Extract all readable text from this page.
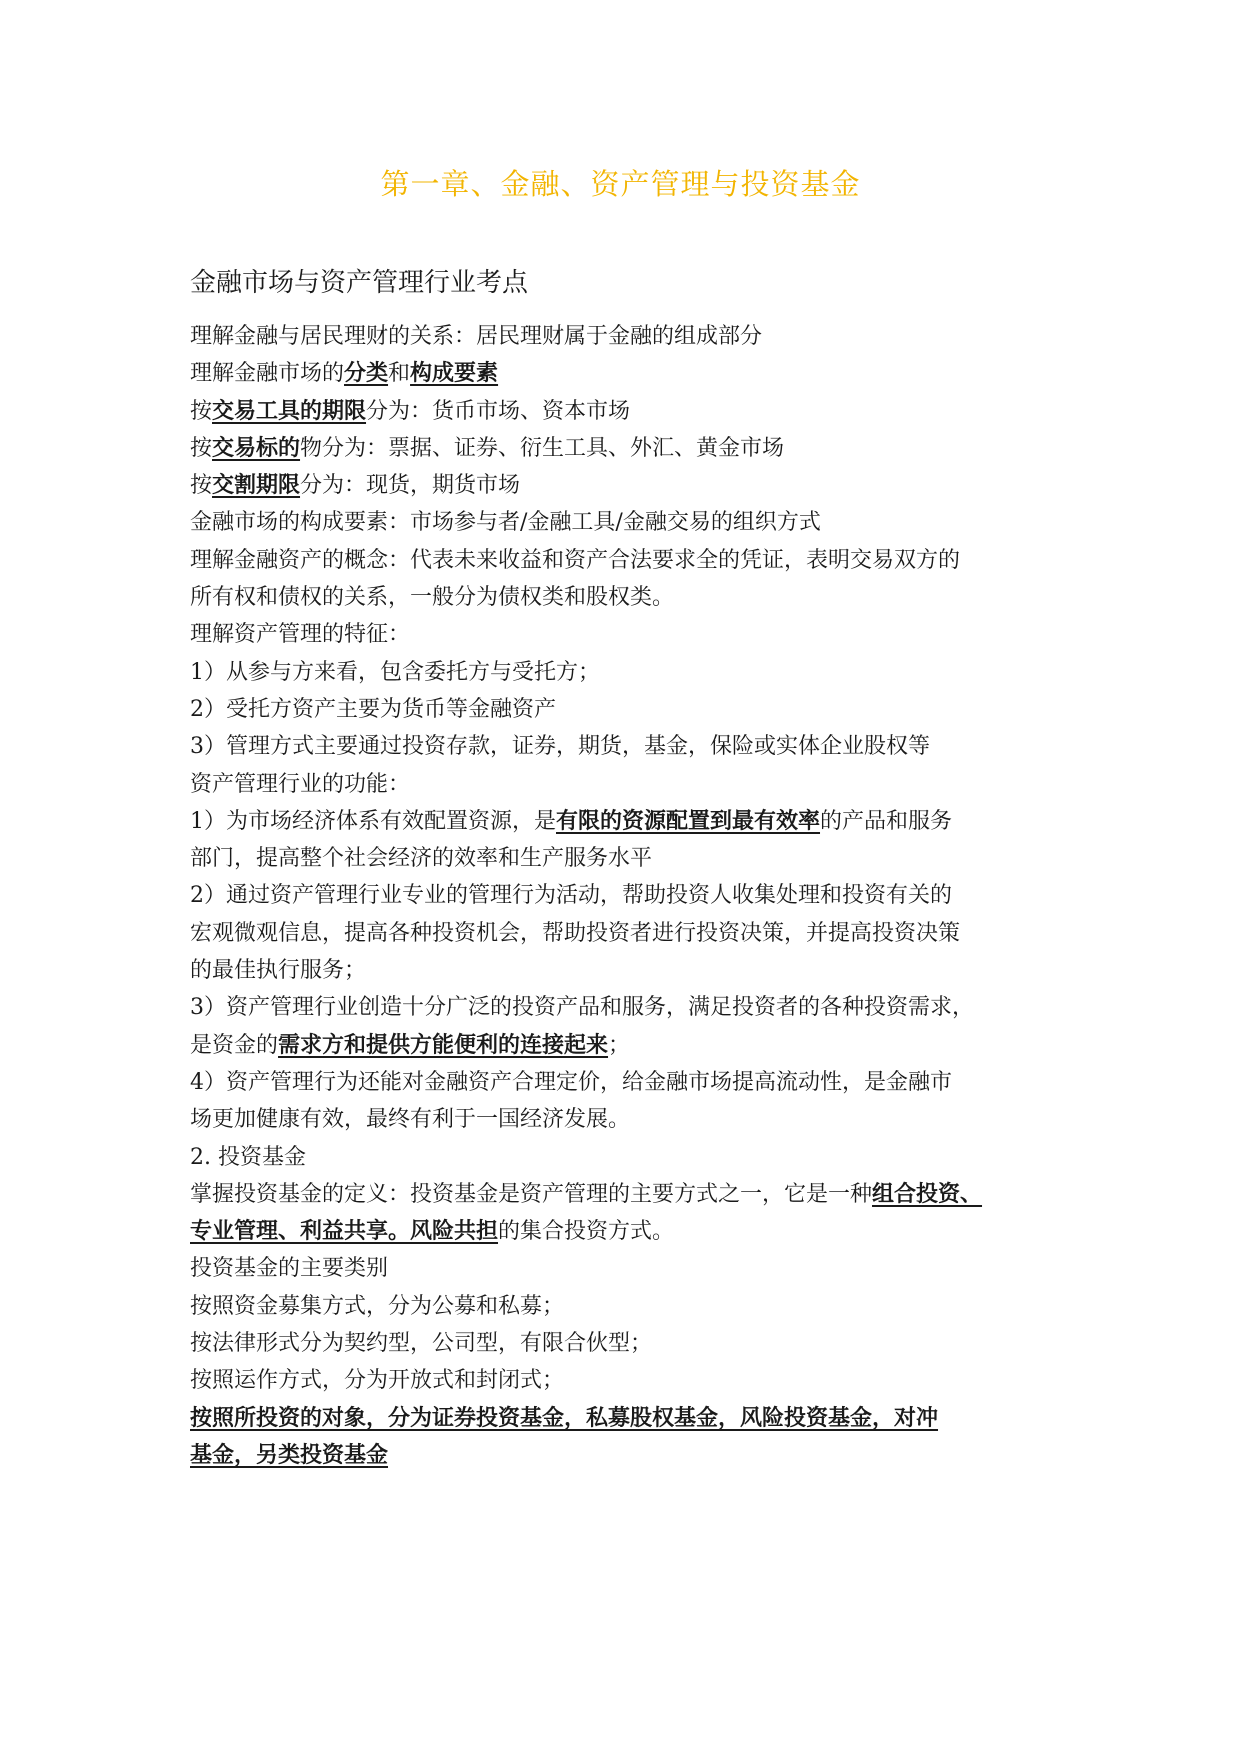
第一章、金融、资产管理与投资基金
金融市场与资产管理行业考点
理解金融与居民理财的关系：居民理财属于金融的组成部分
理解金融市场的分类和构成要素
按交易工具的期限分为：货币市场、资本市场
按交易标的物分为：票据、证券、衍生工具、外汇、黄金市场
按交割期限分为：现货，期货市场
金融市场的构成要素：市场参与者/金融工具/金融交易的组织方式
理解金融资产的概念：代表未来收益和资产合法要求全的凭证，表明交易双方的
所有权和债权的关系，一般分为债权类和股权类。
理解资产管理的特征：
1）从参与方来看，包含委托方与受托方；
2）受托方资产主要为货币等金融资产
3）管理方式主要通过投资存款，证券，期货，基金，保险或实体企业股权等
资产管理行业的功能：
1）为市场经济体系有效配置资源，是有限的资源配置到最有效率的产品和服务
部门，提高整个社会经济的效率和生产服务水平
2）通过资产管理行业专业的管理行为活动，帮助投资人收集处理和投资有关的
宏观微观信息，提高各种投资机会，帮助投资者进行投资决策，并提高投资决策
的最佳执行服务；
3）资产管理行业创造十分广泛的投资产品和服务，满足投资者的各种投资需求，
是资金的需求方和提供方能便利的连接起来；
4）资产管理行为还能对金融资产合理定价，给金融市场提高流动性，是金融市
场更加健康有效，最终有利于一国经济发展。
2. 投资基金
掌握投资基金的定义：投资基金是资产管理的主要方式之一，它是一种组合投资、
专业管理、利益共享。风险共担的集合投资方式。
投资基金的主要类别
按照资金募集方式，分为公募和私募；
按法律形式分为契约型，公司型，有限合伙型；
按照运作方式，分为开放式和封闭式；
按照所投资的对象，分为证券投资基金，私募股权基金，风险投资基金，对冲
基金，另类投资基金
